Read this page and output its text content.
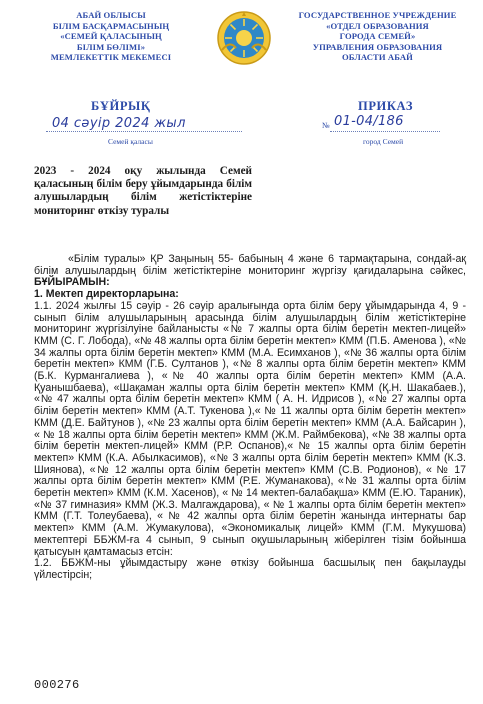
АБАЙ ОБЛЫСЫ
БІЛІМ БАСҚАРМАСЫНЫҢ
«СЕМЕЙ ҚАЛАСЫНЫҢ
БІЛІМ БӨЛІМІ»
МЕМЛЕКЕТТІК МЕКЕМЕСІ
ГОСУДАРСТВЕННОЕ УЧРЕЖДЕНИЕ
«ОТДЕЛ ОБРАЗОВАНИЯ
ГОРОДА СЕМЕЙ»
УПРАВЛЕНИЯ ОБРАЗОВАНИЯ
ОБЛАСТИ АБАЙ
БҰЙРЫҚ	ПРИКАЗ
04 сәуір 2024 жыл	№ 01-04/186
Семей қаласы	город Семей
2023 - 2024 оқу жылында Семей қаласының білім беру ұйымдарында білім алушылардың білім жетістіктеріне мониторинг өткізу туралы

«Білім туралы» ҚР Заңының 55- бабының 4 және 6 тармақтарына, сондай-ақ білім алушылардың білім жетістіктеріне мониторинг жүргізу қағидаларына сәйкес, БҰЙЫРАМЫН:

1. Мектеп директорларына:

1.1. 2024 жылғы 15 сәуір - 26 сәуір аралығында орта білім беру ұйымдарында 4, 9 - сынып білім алушыларының арасында білім алушылардың білім жетістіктеріне мониторинг жүргізілуіне байланысты «№ 7 жалпы орта білім беретін мектеп-лицей» КММ (С. Г. Лобода), «№ 48 жалпы орта білім беретін мектеп» КММ (П.Б. Аменова ), «№ 34 жалпы орта білім беретін мектеп» КММ (М.А. Есимханов ), «№ 36 жалпы орта білім беретін мектеп» КММ (Г.Б. Султанов ), «№ 8 жалпы орта білім беретін мектеп» КММ (Б.К. Курмангалиева ), «№ 40 жалпы орта білім беретін мектеп» КММ (А.А. Қуанышбаева), «Шақаман жалпы орта білім беретін мектеп» КММ (Қ.Н. Шакабаев.), «№ 47 жалпы орта білім беретін мектеп» КММ ( А. Н. Идрисов ), «№ 27 жалпы орта білім беретін мектеп» КММ (А.Т. Тукенова ),« № 11 жалпы орта білім беретін мектеп» КММ (Д.Е. Байтунов ), «№ 23 жалпы орта білім беретін мектеп» КММ (А.А. Байсарин ), « № 18 жалпы орта білім беретін мектеп» КММ (Ж.М. Раймбекова), «№ 38 жалпы орта білім беретін мектеп-лицей» КММ (Р.Р. Оспанов),« № 15 жалпы орта білім беретін мектеп» КММ (К.А. Абылкасимов), «№ 3 жалпы орта білім беретін мектеп» КММ (К.З. Шиянова), «№ 12 жалпы орта білім беретін мектеп» КММ (С.В. Родионов), « № 17 жалпы орта білім беретін мектеп» КММ (Р.Е. Жуманакова), «№ 31 жалпы орта білім беретін мектеп» КММ (К.М. Хасенов), « № 14 мектеп-балабақша» КММ (Е.Ю. Тараник), «№ 37 гимназия» КММ (Ж.З. Малгаждарова), « № 1 жалпы орта білім беретін мектеп» КММ (Г.Т. Толеубаева), « № 42 жалпы орта білім беретін жанында интернаты бар мектеп» КММ (А.М. Жумакулова), «Экономикалық лицей» КММ (Г.М. Мукушова) мектептері ББЖМ-ға 4 сынып, 9 сынып оқушыларының жіберілген тізім бойынша қатысуын қамтамасыз етсін:

1.2. ББЖМ-ны ұйымдастыру және өткізу бойынша басшылық пен бақылауды үйлестірсін;

000276
